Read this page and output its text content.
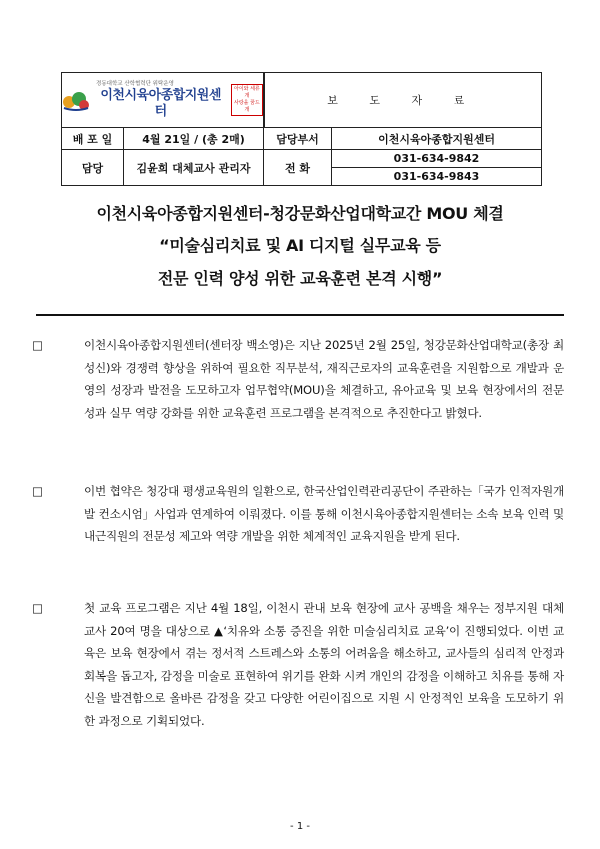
경동대학교 산학협력단 위탁운영
이천시육아종합지원센터
아이와 세류개
사랑을 꿈드개		보 도 자 료	
배 포 일	4월 21일 / (총 2매)	담당부서	이천시육아종합지원센터
담당	김윤희 대체교사 관리자	전 화	031-634-9842
			031-634-9843
이천시육아종합지원센터-청강문화산업대학교간 MOU 체결
“미술심리치료 및 AI 디지털 실무교육 등
전문 인력 양성 위한 교육훈련 본격 시행”

□	이천시육아종합지원센터(센터장 백소영)은 지난 2025년 2월 25일, 청강문화산업대학교(총장 최성신)와 경쟁력 향상을 위하여 필요한 직무분석, 재직근로자의 교육훈련을 지원함으로 개발과 운영의 성장과 발전을 도모하고자 업무협약(MOU)을 체결하고, 유아교육 및 보육 현장에서의 전문성과 실무 역량 강화를 위한 교육훈련 프로그램을 본격적으로 추진한다고 밝혔다.

□	이번 협약은 청강대 평생교육원의 일환으로, 한국산업인력관리공단이 주관하는「국가 인적자원개발 컨소시엄」사업과 연계하여 이뤄졌다. 이를 통해 이천시육아종합지원센터는 소속 보육 인력 및 내근직원의 전문성 제고와 역량 개발을 위한 체계적인 교육지원을 받게 된다.

□	첫 교육 프로그램은 지난 4월 18일, 이천시 관내 보육 현장에 교사 공백을 채우는 정부지원 대체교사 20여 명을 대상으로 ▲‘치유와 소통 증진을 위한 미술심리치료 교육’이 진행되었다. 이번 교육은 보육 현장에서 겪는 정서적 스트레스와 소통의 어려움을 해소하고, 교사들의 심리적 안정과 회복을 돕고자, 감정을 미술로 표현하여 위기를 완화 시켜 개인의 감정을 이해하고 치유를 통해 자신을 발견함으로 올바른 감정을 갖고 다양한 어린이집으로 지원 시 안정적인 보육을 도모하기 위한 과정으로 기획되었다.

- 1 -
